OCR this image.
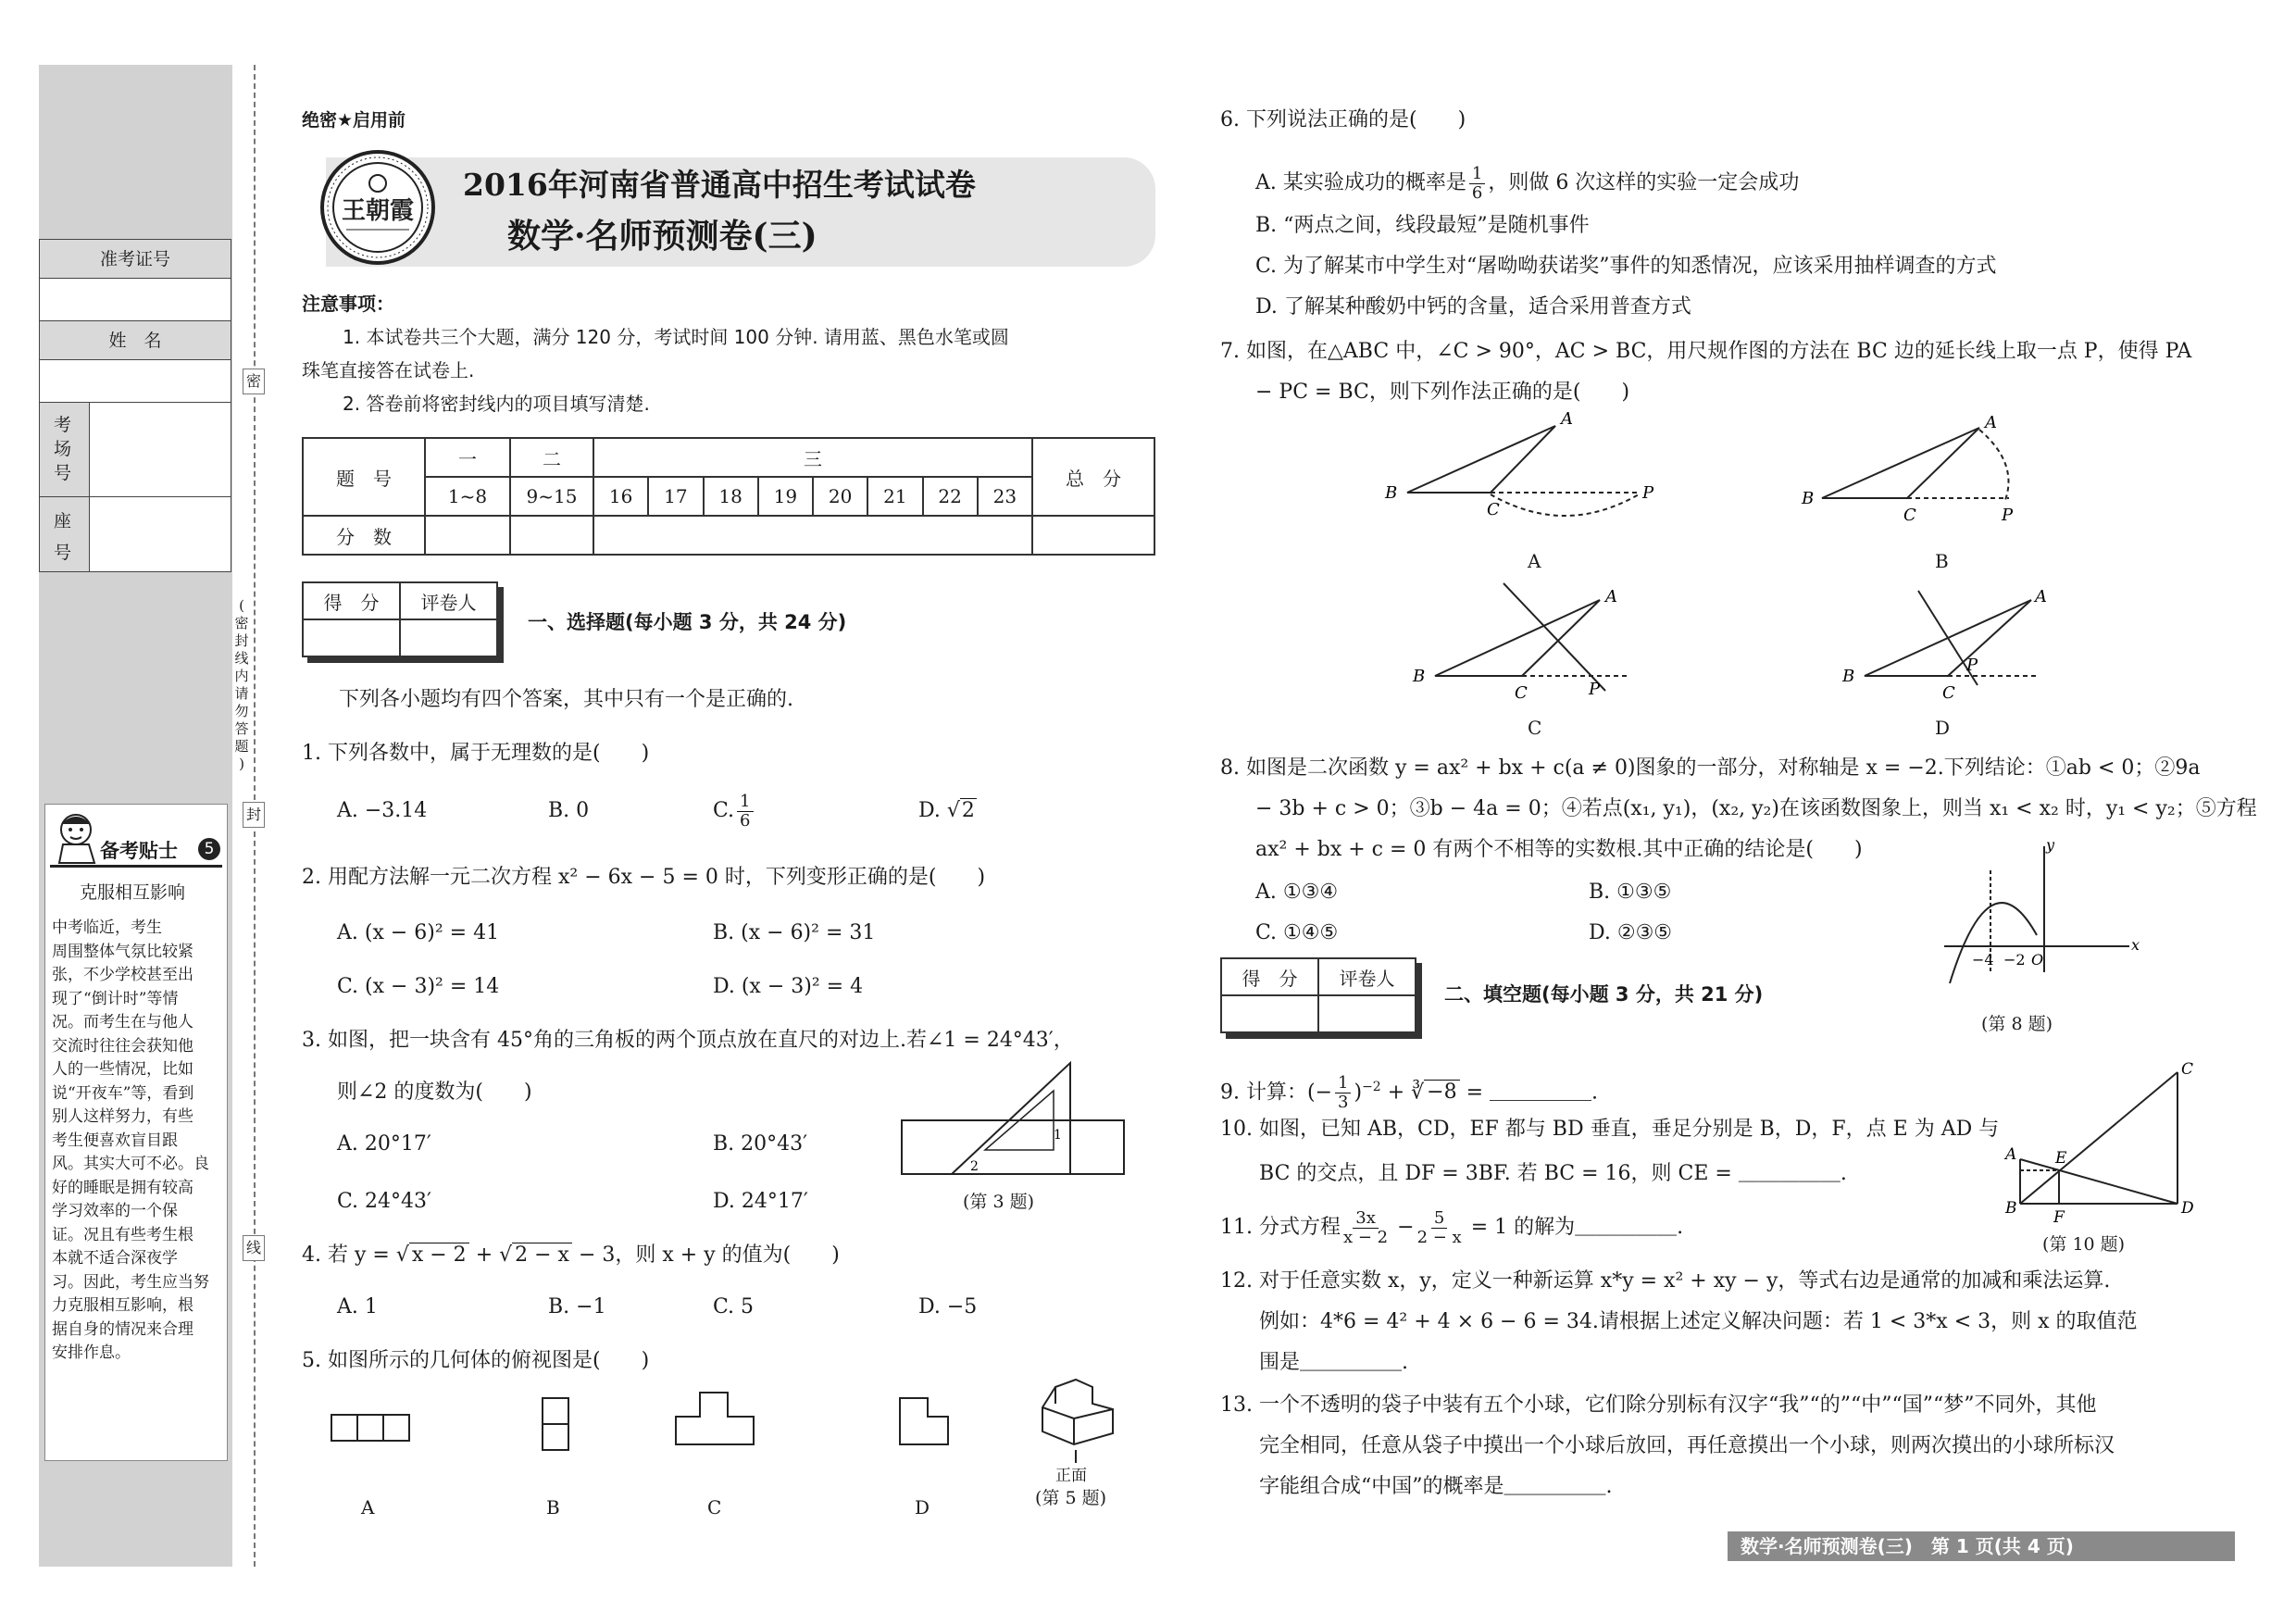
准考证号
姓　名
考
场
号
座
号
备考贴士	5
克服相互影响
中考临近，考生
周围整体气氛比较紧
张，不少学校甚至出
现了“倒计时”等情
况。而考生在与他人
交流时往往会获知他
人的一些情况，比如
说“开夜车”等，看到
别人这样努力，有些
考生便喜欢盲目跟
风。其实大可不必。良
好的睡眠是拥有较高
学习效率的一个保
证。况且有些考生根
本就不适合深夜学
习。因此，考生应当努
力克服相互影响，根
据自身的情况来合理
安排作息。
密
(
密
封
线
内
请
勿
答
题
)
封
线
绝密★启用前
王朝霞
2016年河南省普通高中招生考试试卷
数学·名师预测卷(三)
注意事项：
1. 本试卷共三个大题，满分 120 分，考试时间 100 分钟. 请用蓝、黑色水笔或圆
珠笔直接答在试卷上.
2. 答卷前将密封线内的项目填写清楚.
题　号	一	二	三								总　分
	1~8	9~15	16	17	18	19	20	21	22	23	
分　数											
得　分	评卷人

一、选择题(每小题 3 分，共 24 分)
下列各小题均有四个答案，其中只有一个是正确的.
1. 下列各数中，属于无理数的是(　　)
A. −3.14	B. 0	C. $\frac{1}{6}$	D. √2
2. 用配方法解一元二次方程 x² − 6x − 5 = 0 时，下列变形正确的是(　　)
A. (x − 6)² = 41	B. (x − 6)² = 31
C. (x − 3)² = 14	D. (x − 3)² = 4
3. 如图，把一块含有 45°角的三角板的两个顶点放在直尺的对边上.若∠1 = 24°43′，
则∠2 的度数为(　　)
A. 20°17′	B. 20°43′
C. 24°43′	D. 24°17′
1
2
(第 3 题)
4. 若 y = √ x − 2 + √ 2 − x − 3，则 x + y 的值为(　　)
A. 1	B. −1	C. 5	D. −5
5. 如图所示的几何体的俯视图是(　　)
正面
A	B	C	D	(第 5 题)
6. 下列说法正确的是(　　)
A. 某实验成功的概率是 $\frac{1}{6}$ ，则做 6 次这样的实验一定会成功
B. “两点之间，线段最短”是随机事件
C. 为了解某市中学生对“屠呦呦获诺奖”事件的知悉情况，应该采用抽样调查的方式
D. 了解某种酸奶中钙的含量，适合采用普查方式
7. 如图，在△ABC 中，∠C > 90°，AC > BC，用尺规作图的方法在 BC 边的延长线上取一点 P，使得 PA
− PC = BC，则下列作法正确的是(　　)
B
C
A
P	B
C
A
P
B
C
A
P
B
C
A
P
A	B
C	D
8. 如图是二次函数 y = ax² + bx + c(a ≠ 0)图象的一部分，对称轴是 x = −2.下列结论：①ab < 0；②9a
− 3b + c > 0；③b − 4a = 0；④若点(x₁, y₁)，(x₂, y₂)在该函数图象上，则当 x₁ < x₂ 时，y₁ < y₂；⑤方程
ax² + bx + c = 0 有两个不相等的实数根.其中正确的结论是(　　)
A. ①③④	B. ①③⑤
C. ①④⑤	D. ②③⑤
x
y
−4 −2 O
(第 8 题)
得　分	评卷人

二、填空题(每小题 3 分，共 21 分)
9. 计算：(− $\frac{1}{3} )^{-2}$ + ∛ −8 = ＿＿＿＿＿.
10. 如图，已知 AB，CD，EF 都与 BD 垂直，垂足分别是 B，D，F，点 E 为 AD 与
BC 的交点，且 DF = 3BF. 若 BC = 16，则 CE = ＿＿＿＿＿.
A
B
C
D
E
F
(第 10 题)
11. 分式方程 $\frac{3x}{x - 2} - \frac{5}{2 - x} = 1$ 的解为＿＿＿＿＿.
12. 对于任意实数 x，y，定义一种新运算 x*y = x² + xy − y，等式右边是通常的加减和乘法运算.
例如：4*6 = 4² + 4 × 6 − 6 = 34.请根据上述定义解决问题：若 1 < 3*x < 3，则 x 的取值范
围是＿＿＿＿＿.
13. 一个不透明的袋子中装有五个小球，它们除分别标有汉字“我”“的”“中”“国”“梦”不同外，其他
完全相同，任意从袋子中摸出一个小球后放回，再任意摸出一个小球，则两次摸出的小球所标汉
字能组合成“中国”的概率是＿＿＿＿＿.
数学·名师预测卷(三)　第 1 页(共 4 页)
